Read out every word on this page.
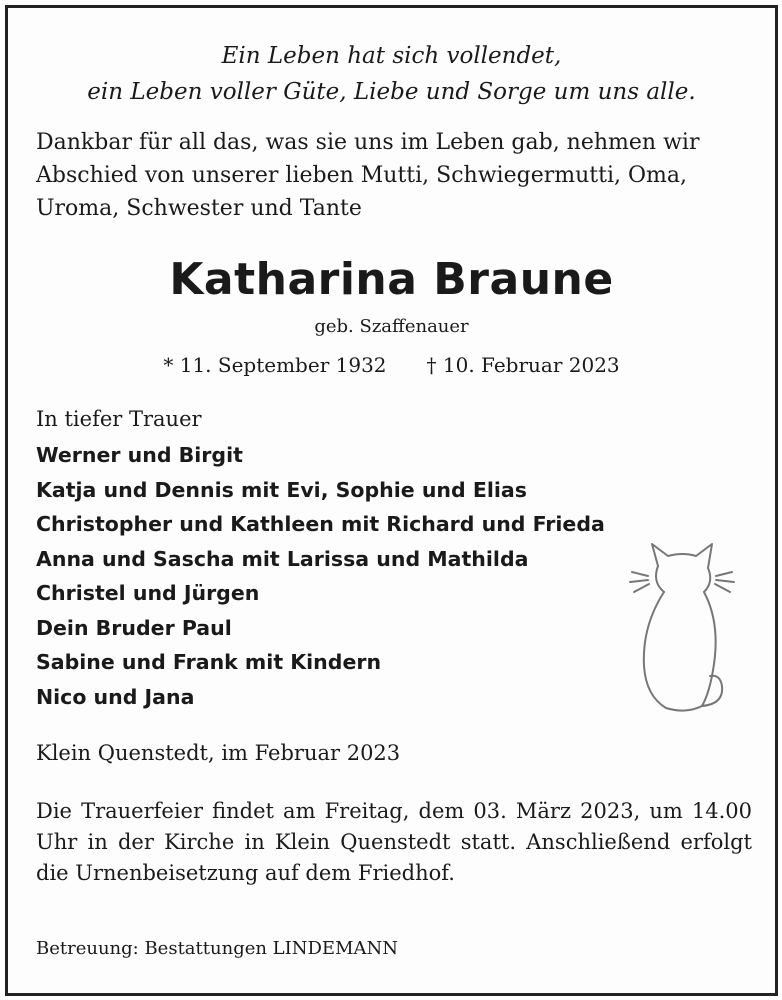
Ein Leben hat sich vollendet,
ein Leben voller Güte, Liebe und Sorge um uns alle.
Dankbar für all das, was sie uns im Leben gab, nehmen wir Abschied von unserer lieben Mutti, Schwiegermutti, Oma, Uroma, Schwester und Tante
Katharina Braune
geb. Szaffenauer
* 11. September 1932 † 10. Februar 2023
In tiefer Trauer
Werner und Birgit
Katja und Dennis mit Evi, Sophie und Elias
Christopher und Kathleen mit Richard und Frieda
Anna und Sascha mit Larissa und Mathilda
Christel und Jürgen
Dein Bruder Paul
Sabine und Frank mit Kindern
Nico und Jana
Klein Quenstedt, im Februar 2023
Die Trauerfeier findet am Freitag, dem 03. März 2023, um 14.00 Uhr in der Kirche in Klein Quenstedt statt. Anschließend erfolgt die Urnenbeisetzung auf dem Friedhof.
Betreuung: Bestattungen LINDEMANN
